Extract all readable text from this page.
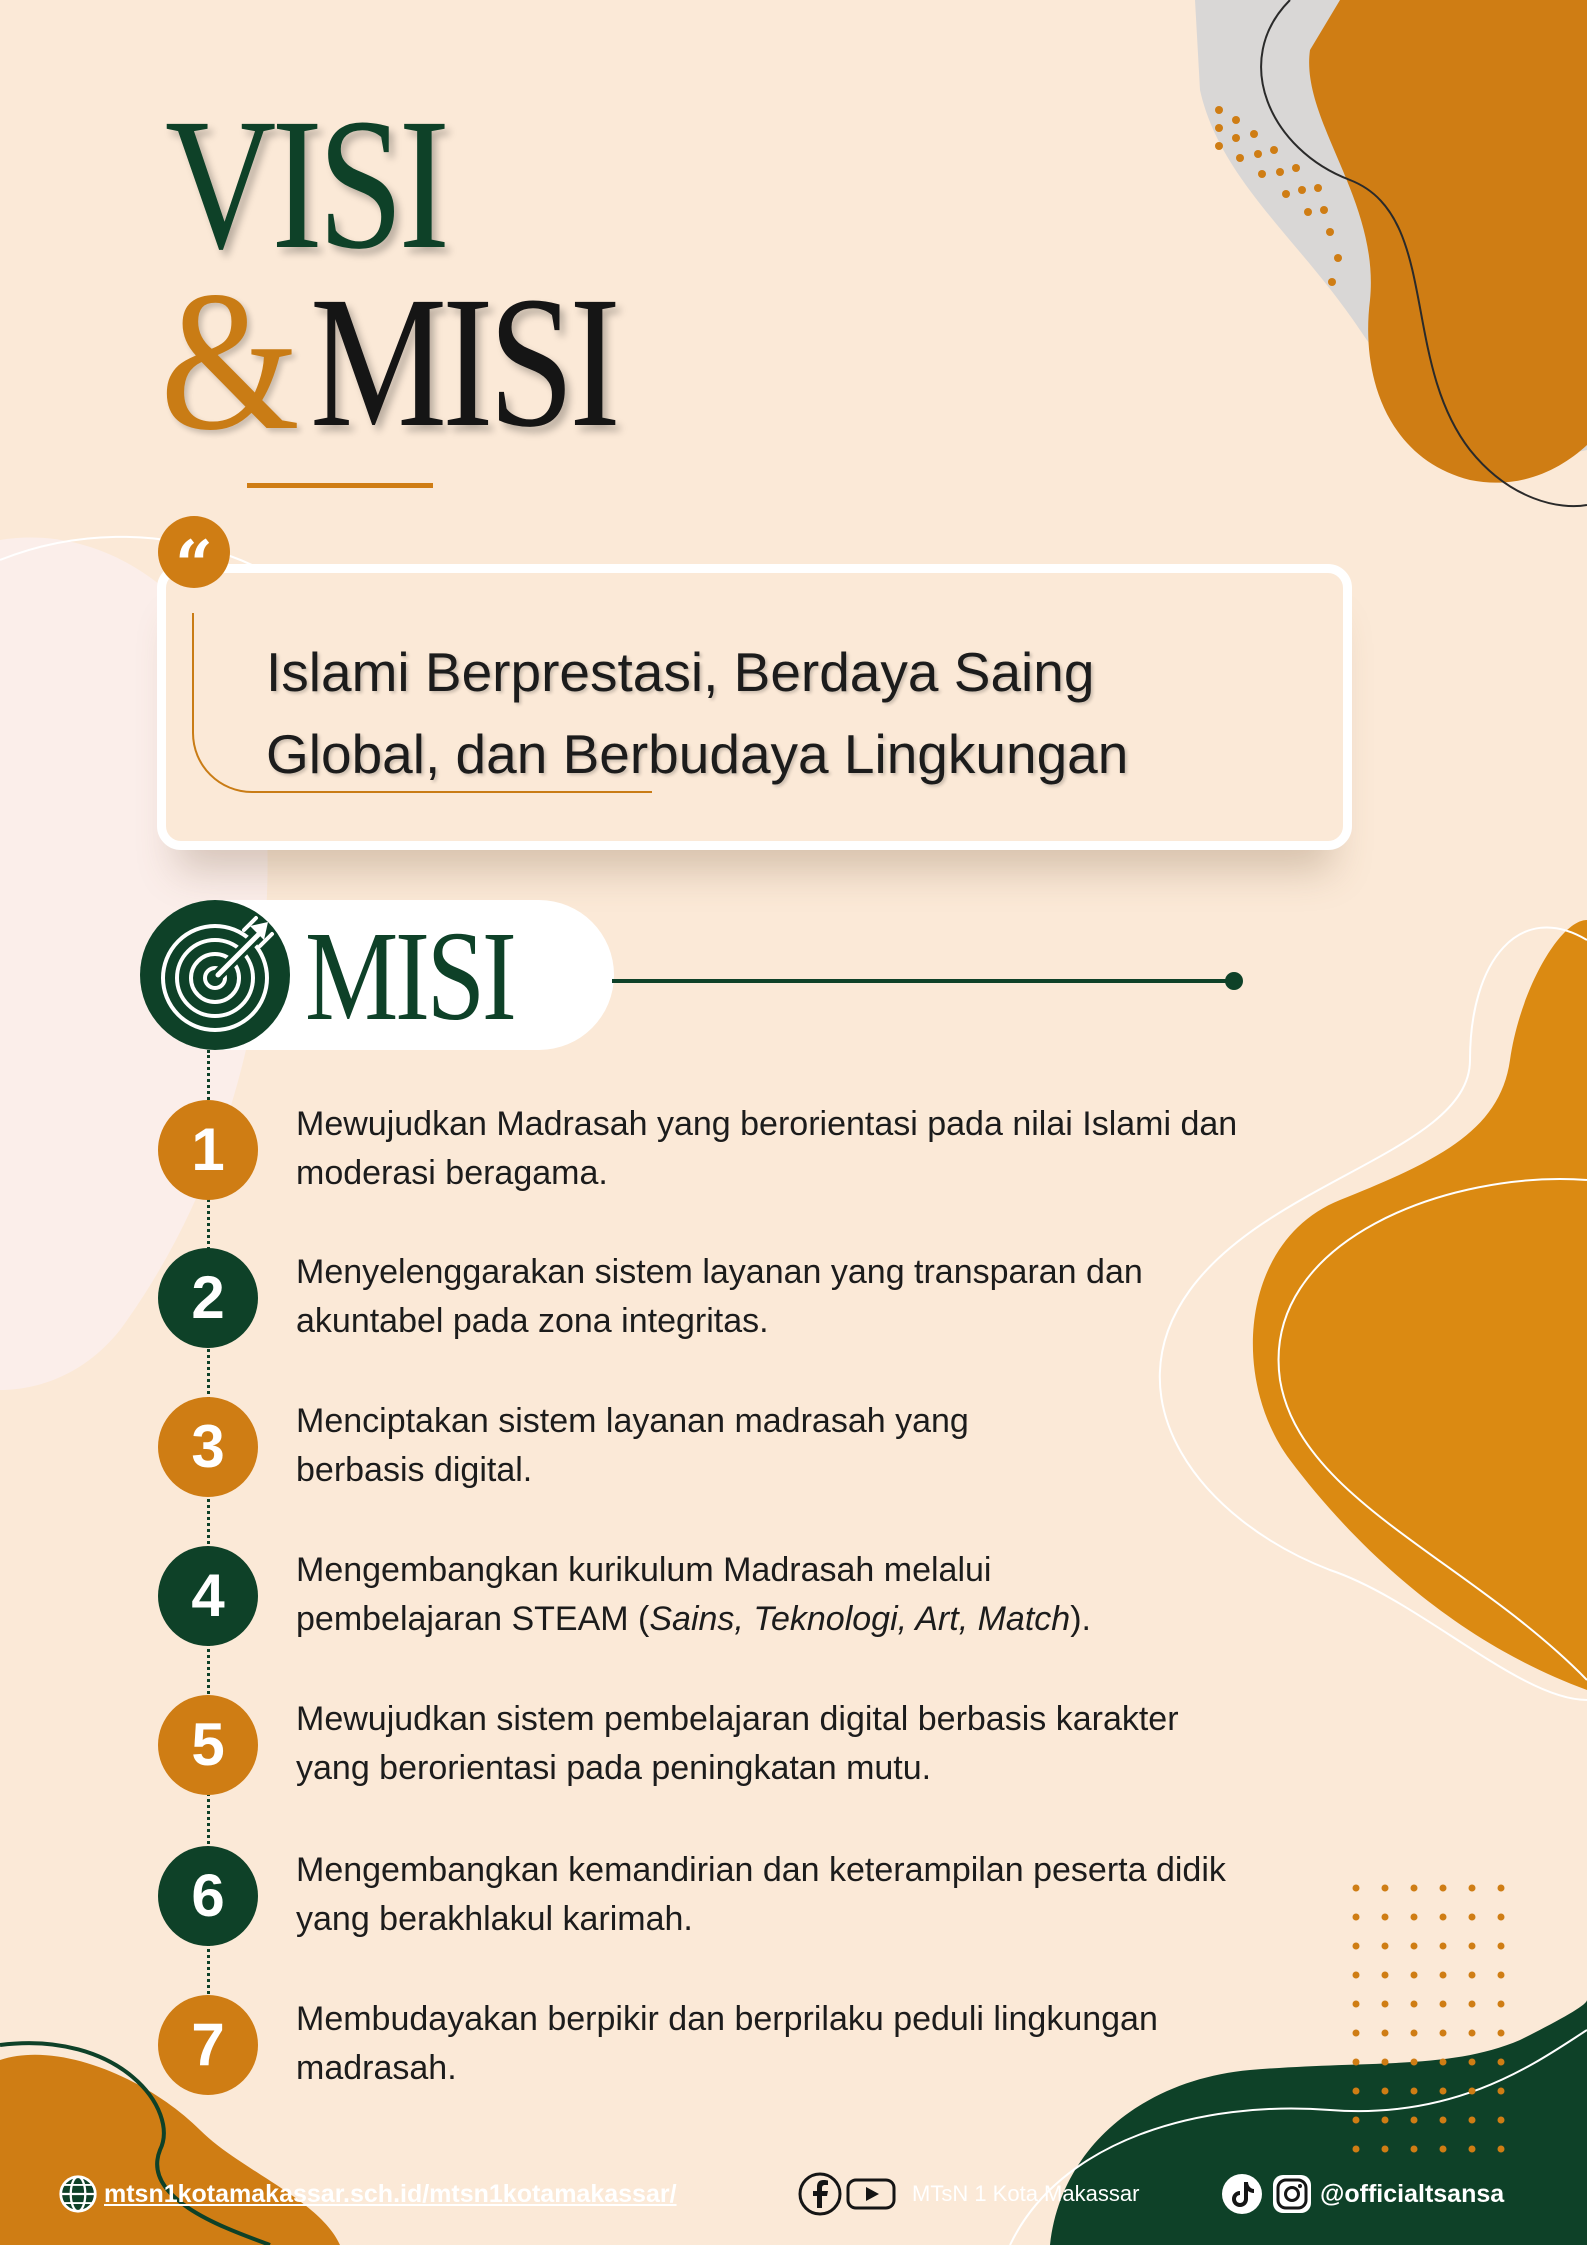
VISI
& MISI
Islami Berprestasi, Berdaya Saing
Global, dan Berbudaya Lingkungan
“
MISI
1	Mewujudkan Madrasah yang berorientasi pada nilai Islami dan moderasi beragama.
2	Menyelenggarakan sistem layanan yang transparan dan akuntabel pada zona integritas.
3	Menciptakan sistem layanan madrasah yang berbasis digital.
4	Mengembangkan kurikulum Madrasah melalui pembelajaran STEAM (Sains, Teknologi, Art, Match).
5	Mewujudkan sistem pembelajaran digital berbasis karakter yang berorientasi pada peningkatan mutu.
6	Mengembangkan kemandirian dan keterampilan peserta didik yang berakhlakul karimah.
7	Membudayakan berpikir dan berprilaku peduli lingkungan madrasah.
mtsn1kotamakassar.sch.id/mtsn1kotamakassar/	MTsN 1 Kota Makassar	@officialtsansa
